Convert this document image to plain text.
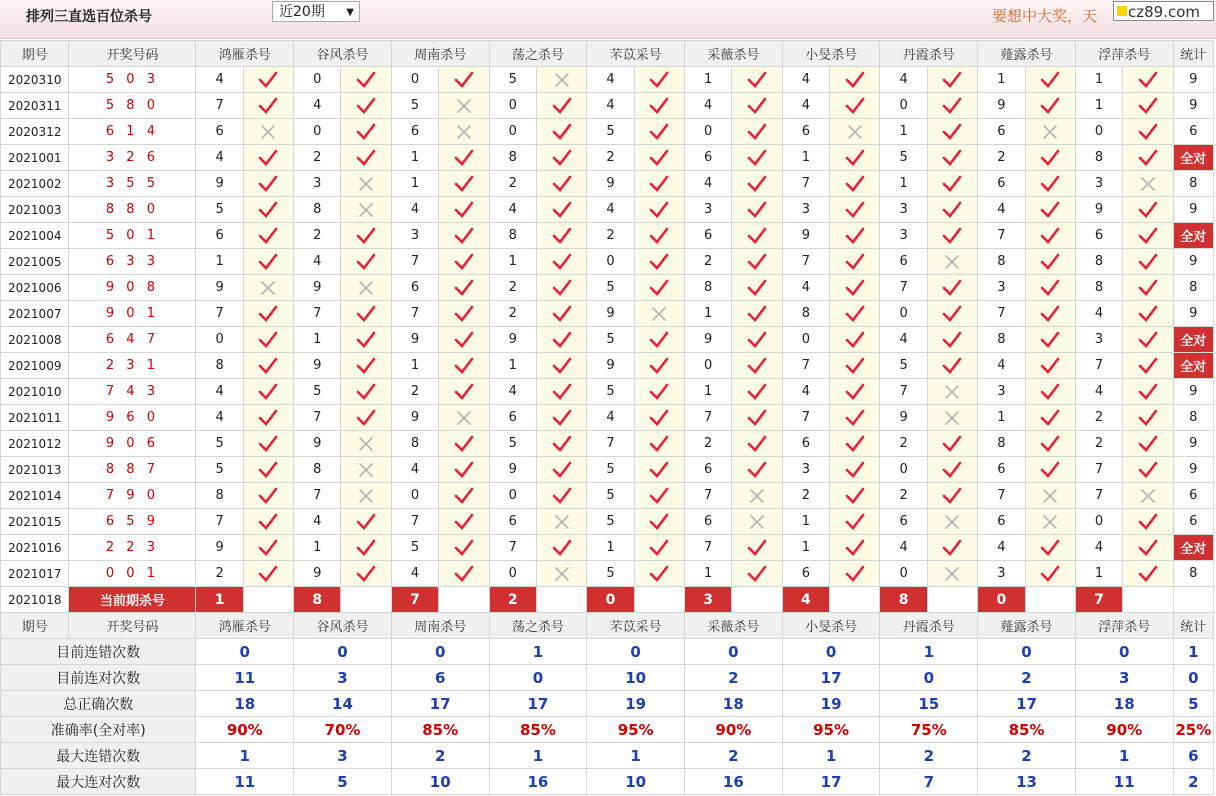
排列三直选百位杀号	近20期 ▼	要想中大奖，天	cz89.com
期号	开奖号码	鸿雁杀号		谷风杀号		周南杀号		荡之杀号		芣苡采号		采薇杀号		小旻杀号		丹霞杀号		薤露杀号		浮萍杀号		统计
2020310	5 0 3	4		0		0		5		4		1		4		4		1		1		9
2020311	5 8 0	7		4		5		0		4		4		4		0		9		1		9
2020312	6 1 4	6		0		6		0		5		0		6		1		6		0		6
2021001	3 2 6	4		2		1		8		2		6		1		5		2		8		全对
2021002	3 5 5	9		3		1		2		9		4		7		1		6		3		8
2021003	8 8 0	5		8		4		4		4		3		3		3		4		9		9
2021004	5 0 1	6		2		3		8		2		6		9		3		7		6		全对
2021005	6 3 3	1		4		7		1		0		2		7		6		8		8		9
2021006	9 0 8	9		9		6		2		5		8		4		7		3		8		8
2021007	9 0 1	7		7		7		2		9		1		8		0		7		4		9
2021008	6 4 7	0		1		9		9		5		9		0		4		8		3		全对
2021009	2 3 1	8		9		1		1		9		0		7		5		4		7		全对
2021010	7 4 3	4		5		2		4		5		1		4		7		3		4		9
2021011	9 6 0	4		7		9		6		4		7		7		9		1		2		8
2021012	9 0 6	5		9		8		5		7		2		6		2		8		2		9
2021013	8 8 7	5		8		4		9		5		6		3		0		6		7		9
2021014	7 9 0	8		7		0		0		5		7		2		2		7		7		6
2021015	6 5 9	7		4		7		6		5		6		1		6		6		0		6
2021016	2 2 3	9		1		5		7		1		7		1		4		4		4		全对
2021017	0 0 1	2		9		4		0		5		1		6		0		3		1		8
2021018	当前期杀号	1		8		7		2		0		3		4		8		0		7		
期号	开奖号码	鸿雁杀号		谷风杀号		周南杀号		荡之杀号		芣苡采号		采薇杀号		小旻杀号		丹霞杀号		薤露杀号		浮萍杀号		统计
目前连错次数		0		0		0		1		0		0		0		1		0		0		1
目前连对次数		11		3		6		0		10		2		17		0		2		3		0
总正确次数		18		14		17		17		19		18		19		15		17		18		5
准确率(全对率)		90%		70%		85%		85%		95%		90%		95%		75%		85%		90%		25%
最大连错次数		1		3		2		1		1		2		1		2		2		1		6
最大连对次数		11		5		10		16		10		16		17		7		13		11		2
